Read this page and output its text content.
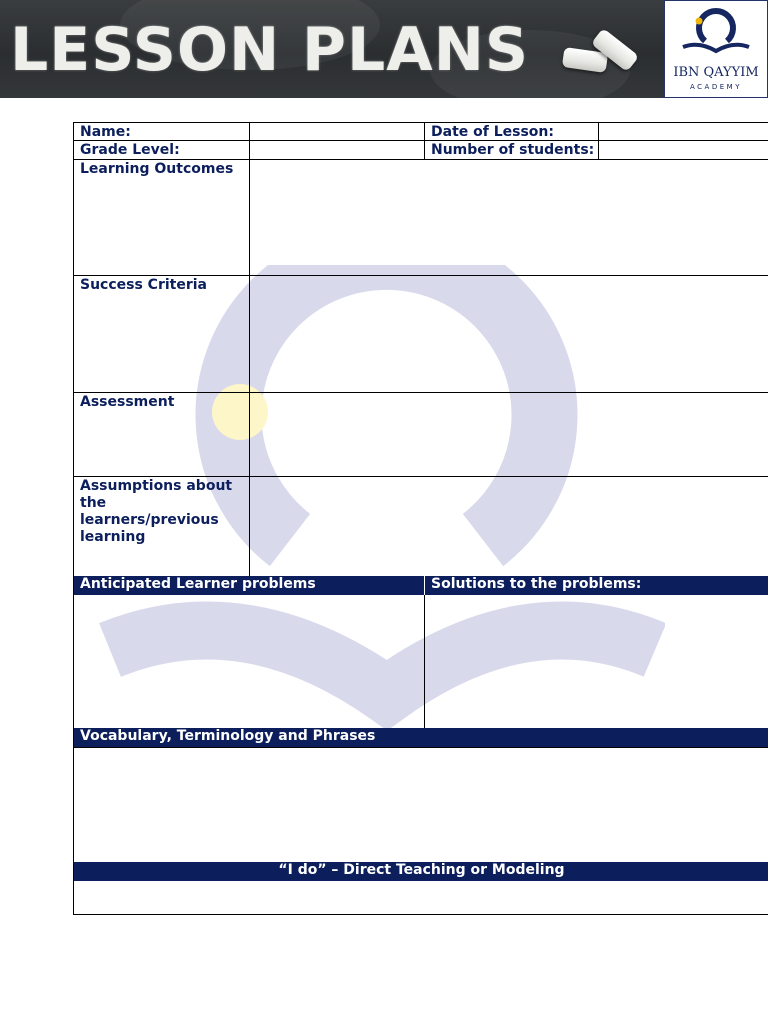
LESSON PLANS	IBN QAYYIM
ACADEMY
Name:	Date of Lesson:
Grade Level:	Number of students:
Learning Outcomes
Success Criteria
Assessment
Assumptions about the learners/previous learning
Anticipated Learner problems	Solutions to the problems:
Vocabulary, Terminology and Phrases
“I do” – Direct Teaching or Modeling
